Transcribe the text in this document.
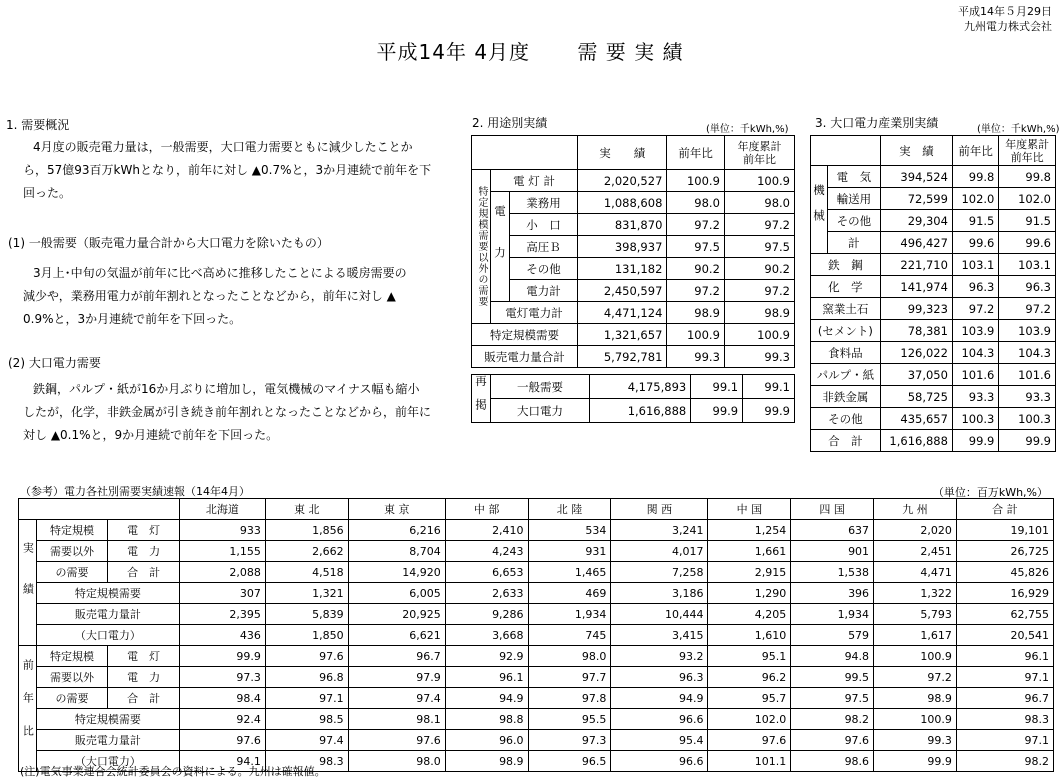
平成14年５月29日
九州電力株式会社
平成14年 4月度 需 要 実 績
1. 需要概況
4月度の販売電力量は，一般需要，大口電力需要ともに減少したことか
ら，57億93百万kWhとなり，前年に対し ▲0.7%と，3か月連続で前年を下
回った。
(1) 一般需要（販売電力量合計から大口電力を除いたもの）
3月上･中旬の気温が前年に比べ高めに推移したことによる暖房需要の
減少や，業務用電力が前年割れとなったことなどから，前年に対し ▲
0.9%と，3か月連続で前年を下回った。
(2) 大口電力需要
鉄鋼，パルプ・紙が16か月ぶりに増加し，電気機械のマイナス幅も縮小
したが，化学，非鉄金属が引き続き前年割れとなったことなどから，前年に
対し ▲0.1%と，9か月連続で前年を下回った。
2. 用途別実績	(単位：千kWh,%)
			実　　績	前年比	年度累計
前年比
特定規模需要以外の需要	電 灯 計		2,020,527	100.9	100.9
	電力	業務用	1,088,608	98.0	98.0
		小　口	831,870	97.2	97.2
		高圧Ｂ	398,937	97.5	97.5
		その他	131,182	90.2	90.2
		電力計	2,450,597	97.2	97.2
	電灯電力計		4,471,124	98.9	98.9
特定規模需要			1,321,657	100.9	100.9
販売電力量合計			5,792,781	99.3	99.3
再掲	一般需要	4,175,893	99.1	99.1
	大口電力	1,616,888	99.9	99.9
3. 大口電力産業別実績	(単位：千kWh,%)
		実　績	前年比	年度累計
前年比
機械	電　気	394,524	99.8	99.8
	輸送用	72,599	102.0	102.0
	その他	29,304	91.5	91.5
	計	496,427	99.6	99.6
鉄　鋼		221,710	103.1	103.1
化　学		141,974	96.3	96.3
窯業土石		99,323	97.2	97.2
(セメント)		78,381	103.9	103.9
食料品		126,022	104.3	104.3
パルプ・紙		37,050	101.6	101.6
非鉄金属		58,725	93.3	93.3
その他		435,657	100.3	100.3
合　計		1,616,888	99.9	99.9
（参考）電力各社別需要実績速報（14年4月）	（単位：百万kWh,%）
			北海道	東 北	東 京	中 部	北 陸	関 西	中 国	四 国	九 州	合 計
実績	特定規模	電　灯	933	1,856	6,216	2,410	534	3,241	1,254	637	2,020	19,101
	需要以外	電　力	1,155	2,662	8,704	4,243	931	4,017	1,661	901	2,451	26,725
	の需要	合　計	2,088	4,518	14,920	6,653	1,465	7,258	2,915	1,538	4,471	45,826
	特定規模需要		307	1,321	6,005	2,633	469	3,186	1,290	396	1,322	16,929
	販売電力量計		2,395	5,839	20,925	9,286	1,934	10,444	4,205	1,934	5,793	62,755
	（大口電力）		436	1,850	6,621	3,668	745	3,415	1,610	579	1,617	20,541
前年比	特定規模	電　灯	99.9	97.6	96.7	92.9	98.0	93.2	95.1	94.8	100.9	96.1
	需要以外	電　力	97.3	96.8	97.9	96.1	97.7	96.3	96.2	99.5	97.2	97.1
	の需要	合　計	98.4	97.1	97.4	94.9	97.8	94.9	95.7	97.5	98.9	96.7
	特定規模需要		92.4	98.5	98.1	98.8	95.5	96.6	102.0	98.2	100.9	98.3
	販売電力量計		97.6	97.4	97.6	96.0	97.3	95.4	97.6	97.6	99.3	97.1
	（大口電力）		94.1	98.3	98.0	98.9	96.5	96.6	101.1	98.6	99.9	98.2
(注)電気事業連合会統計委員会の資料による。九州は確報値。
